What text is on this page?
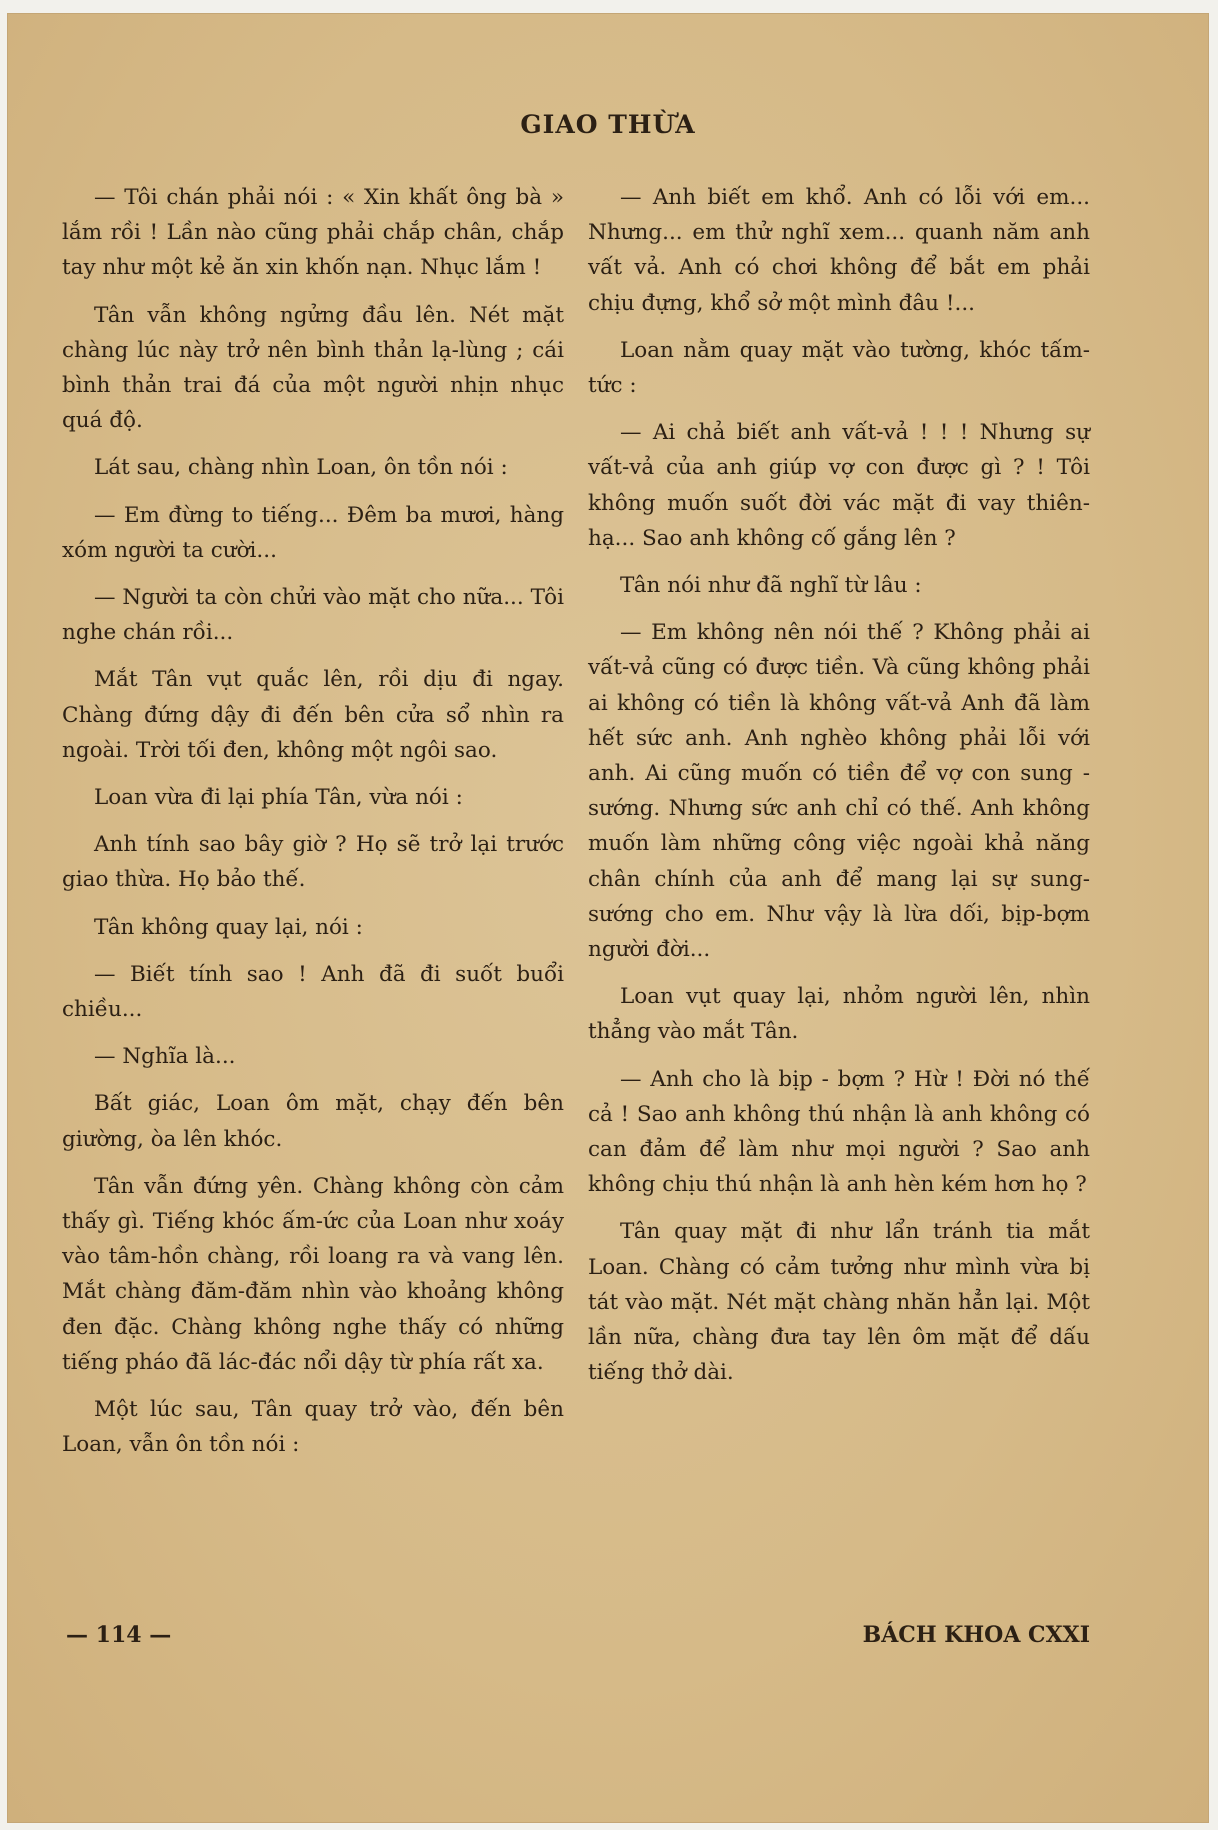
GIAO THỪA

— Tôi chán phải nói : « Xin khất ông bà » lắm rồi ! Lần nào cũng phải chắp chân, chắp tay như một kẻ ăn xin khốn nạn. Nhục lắm !

Tân vẫn không ngửng đầu lên. Nét mặt chàng lúc này trở nên bình thản lạ-lùng ; cái bình thản trai đá của một người nhịn nhục quá độ.

Lát sau, chàng nhìn Loan, ôn tồn nói :

— Em đừng to tiếng... Đêm ba mươi, hàng xóm người ta cười...

— Người ta còn chửi vào mặt cho nữa... Tôi nghe chán rồi...

Mắt Tân vụt quắc lên, rồi dịu đi ngay. Chàng đứng dậy đi đến bên cửa sổ nhìn ra ngoài. Trời tối đen, không một ngôi sao.

Loan vừa đi lại phía Tân, vừa nói :

Anh tính sao bây giờ ? Họ sẽ trở lại trước giao thừa. Họ bảo thế.

Tân không quay lại, nói :

— Biết tính sao ! Anh đã đi suốt buổi chiều...

— Nghĩa là...

Bất giác, Loan ôm mặt, chạy đến bên giường, òa lên khóc.

Tân vẫn đứng yên. Chàng không còn cảm thấy gì. Tiếng khóc ấm-ức của Loan như xoáy vào tâm-hồn chàng, rồi loang ra và vang lên. Mắt chàng đăm-đăm nhìn vào khoảng không đen đặc. Chàng không nghe thấy có những tiếng pháo đã lác-đác nổi dậy từ phía rất xa.

Một lúc sau, Tân quay trở vào, đến bên Loan, vẫn ôn tồn nói :

— Anh biết em khổ. Anh có lỗi với em... Nhưng... em thử nghĩ xem... quanh năm anh vất vả. Anh có chơi không để bắt em phải chịu đựng, khổ sở một mình đâu !...

Loan nằm quay mặt vào tường, khóc tấm-tức :

— Ai chả biết anh vất-vả ! ! ! Nhưng sự vất-vả của anh giúp vợ con được gì ? ! Tôi không muốn suốt đời vác mặt đi vay thiên-hạ... Sao anh không cố gắng lên ?

Tân nói như đã nghĩ từ lâu :

— Em không nên nói thế ? Không phải ai vất-vả cũng có được tiền. Và cũng không phải ai không có tiền là không vất-vả Anh đã làm hết sức anh. Anh nghèo không phải lỗi với anh. Ai cũng muốn có tiền để vợ con sung - sướng. Nhưng sức anh chỉ có thế. Anh không muốn làm những công việc ngoài khả năng chân chính của anh để mang lại sự sung-sướng cho em. Như vậy là lừa dối, bịp-bợm người đời...

Loan vụt quay lại, nhỏm người lên, nhìn thẳng vào mắt Tân.

— Anh cho là bịp - bợm ? Hừ ! Đời nó thế cả ! Sao anh không thú nhận là anh không có can đảm để làm như mọi người ? Sao anh không chịu thú nhận là anh hèn kém hơn họ ?

Tân quay mặt đi như lẩn tránh tia mắt Loan. Chàng có cảm tưởng như mình vừa bị tát vào mặt. Nét mặt chàng nhăn hẳn lại. Một lần nữa, chàng đưa tay lên ôm mặt để dấu tiếng thở dài.

— 114 —	BÁCH KHOA CXXI
